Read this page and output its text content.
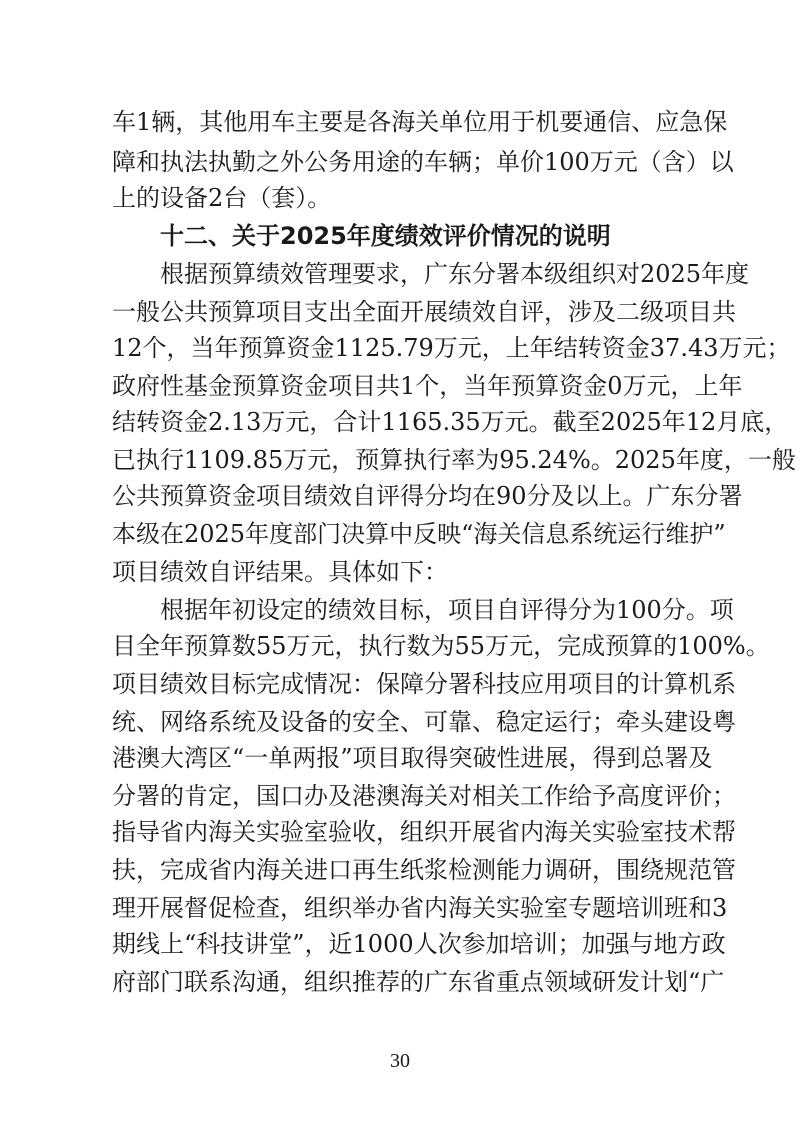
车1辆，其他用车主要是各海关单位用于机要通信、应急保
障和执法执勤之外公务用途的车辆；单价100万元（含）以
上的设备2台（套）。
十二、关于2025年度绩效评价情况的说明
根据预算绩效管理要求，广东分署本级组织对2025年度
一般公共预算项目支出全面开展绩效自评，涉及二级项目共
12个，当年预算资金1125.79万元，上年结转资金37.43万元；
政府性基金预算资金项目共1个，当年预算资金0万元，上年
结转资金2.13万元，合计1165.35万元。截至2025年12月底，
已执行1109.85万元，预算执行率为95.24%。2025年度，一般
公共预算资金项目绩效自评得分均在90分及以上。广东分署
本级在2025年度部门决算中反映“海关信息系统运行维护”
项目绩效自评结果。具体如下：
根据年初设定的绩效目标，项目自评得分为100分。项
目全年预算数55万元，执行数为55万元，完成预算的100%。
项目绩效目标完成情况：保障分署科技应用项目的计算机系
统、网络系统及设备的安全、可靠、稳定运行；牵头建设粤
港澳大湾区“一单两报”项目取得突破性进展，得到总署及
分署的肯定，国口办及港澳海关对相关工作给予高度评价；
指导省内海关实验室验收，组织开展省内海关实验室技术帮
扶，完成省内海关进口再生纸浆检测能力调研，围绕规范管
理开展督促检查，组织举办省内海关实验室专题培训班和3
期线上“科技讲堂”，近1000人次参加培训；加强与地方政
府部门联系沟通，组织推荐的广东省重点领域研发计划“广
30
